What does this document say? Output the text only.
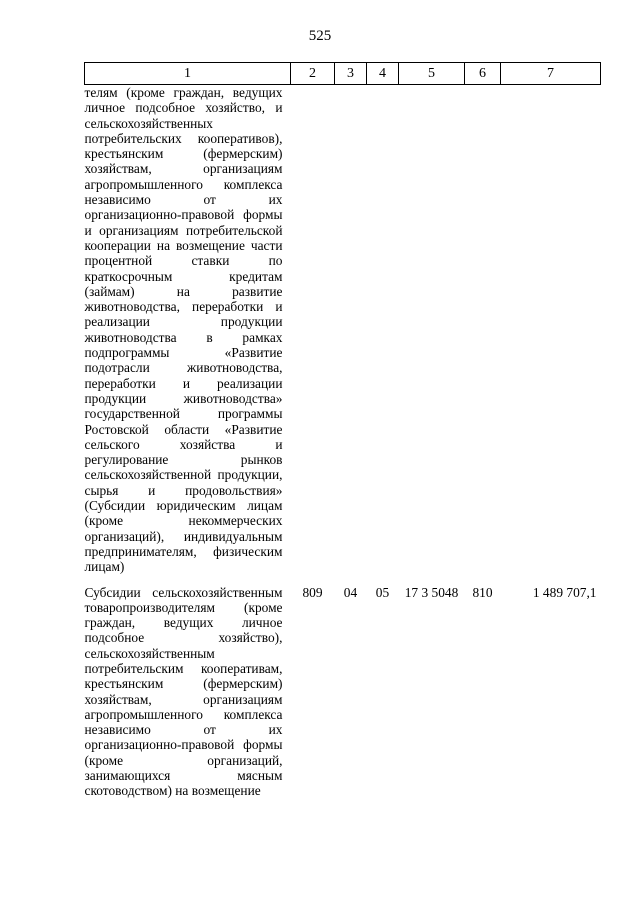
525
1	2	3	4	5	6	7
телям (кроме граждан, ведущих личное подсобное хозяйство, и сельскохозяйственных потребительских кооперативов), крестьянским (фермерским) хозяйствам, организациям агропромышленного комплекса независимо от их организационно-правовой формы и организациям потребительской кооперации на возмещение части процентной ставки по краткосрочным кредитам (займам) на развитие животноводства, переработки и реализации продукции животноводства в рамках подпрограммы «Развитие подотрасли животноводства, переработки и реализации продукции животноводства» государственной программы Ростовской области «Развитие сельского хозяйства и регулирование рынков сельскохозяйственной продукции, сырья и продовольствия» (Субсидии юридическим лицам (кроме некоммерческих организаций), индивидуальным предпринимателям, физическим лицам)						
Субсидии сельскохозяйственным товаропроизводителям (кроме граждан, ведущих личное подсобное хозяйство), сельскохозяйственным потребительским кооперативам, крестьянским (фермерским) хозяйствам, организациям агропромышленного комплекса независимо от их организационно-правовой формы (кроме организаций, занимающихся мясным скотоводством) на возмещение	809	04	05	17 3 5048	810	1 489 707,1
